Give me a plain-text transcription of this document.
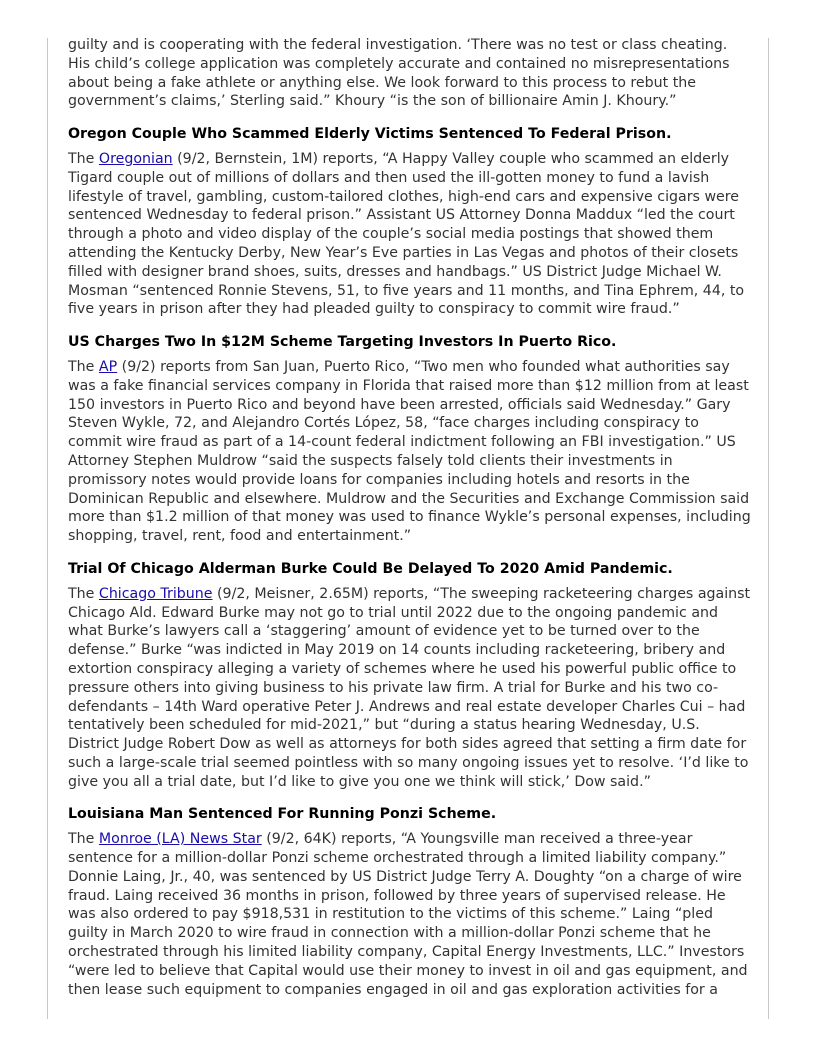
guilty and is cooperating with the federal investigation. ‘There was no test or class cheating. His child’s college application was completely accurate and contained no misrepresentations about being a fake athlete or anything else. We look forward to this process to rebut the government’s claims,’ Sterling said.” Khoury “is the son of billionaire Amin J. Khoury.”

Oregon Couple Who Scammed Elderly Victims Sentenced To Federal Prison.

The Oregonian (9/2, Bernstein, 1M) reports, “A Happy Valley couple who scammed an elderly Tigard couple out of millions of dollars and then used the ill-gotten money to fund a lavish lifestyle of travel, gambling, custom-tailored clothes, high-end cars and expensive cigars were sentenced Wednesday to federal prison.” Assistant US Attorney Donna Maddux “led the court through a photo and video display of the couple’s social media postings that showed them attending the Kentucky Derby, New Year’s Eve parties in Las Vegas and photos of their closets filled with designer brand shoes, suits, dresses and handbags.” US District Judge Michael W. Mosman “sentenced Ronnie Stevens, 51, to five years and 11 months, and Tina Ephrem, 44, to five years in prison after they had pleaded guilty to conspiracy to commit wire fraud.”

US Charges Two In $12M Scheme Targeting Investors In Puerto Rico.

The AP (9/2) reports from San Juan, Puerto Rico, “Two men who founded what authorities say was a fake financial services company in Florida that raised more than $12 million from at least 150 investors in Puerto Rico and beyond have been arrested, officials said Wednesday.” Gary Steven Wykle, 72, and Alejandro Cortés López, 58, “face charges including conspiracy to commit wire fraud as part of a 14-count federal indictment following an FBI investigation.” US Attorney Stephen Muldrow “said the suspects falsely told clients their investments in promissory notes would provide loans for companies including hotels and resorts in the Dominican Republic and elsewhere. Muldrow and the Securities and Exchange Commission said more than $1.2 million of that money was used to finance Wykle’s personal expenses, including shopping, travel, rent, food and entertainment.”

Trial Of Chicago Alderman Burke Could Be Delayed To 2020 Amid Pandemic.

The Chicago Tribune (9/2, Meisner, 2.65M) reports, “The sweeping racketeering charges against Chicago Ald. Edward Burke may not go to trial until 2022 due to the ongoing pandemic and what Burke’s lawyers call a ‘staggering’ amount of evidence yet to be turned over to the defense.” Burke “was indicted in May 2019 on 14 counts including racketeering, bribery and extortion conspiracy alleging a variety of schemes where he used his powerful public office to pressure others into giving business to his private law firm. A trial for Burke and his two co-defendants – 14th Ward operative Peter J. Andrews and real estate developer Charles Cui – had tentatively been scheduled for mid-2021,” but “during a status hearing Wednesday, U.S. District Judge Robert Dow as well as attorneys for both sides agreed that setting a firm date for such a large-scale trial seemed pointless with so many ongoing issues yet to resolve. ‘I’d like to give you all a trial date, but I’d like to give you one we think will stick,’ Dow said.”

Louisiana Man Sentenced For Running Ponzi Scheme.

The Monroe (LA) News Star (9/2, 64K) reports, “A Youngsville man received a three-year sentence for a million-dollar Ponzi scheme orchestrated through a limited liability company.” Donnie Laing, Jr., 40, was sentenced by US District Judge Terry A. Doughty “on a charge of wire fraud. Laing received 36 months in prison, followed by three years of supervised release. He was also ordered to pay $918,531 in restitution to the victims of this scheme.” Laing “pled guilty in March 2020 to wire fraud in connection with a million-dollar Ponzi scheme that he orchestrated through his limited liability company, Capital Energy Investments, LLC.” Investors “were led to believe that Capital would use their money to invest in oil and gas equipment, and then lease such equipment to companies engaged in oil and gas exploration activities for a
